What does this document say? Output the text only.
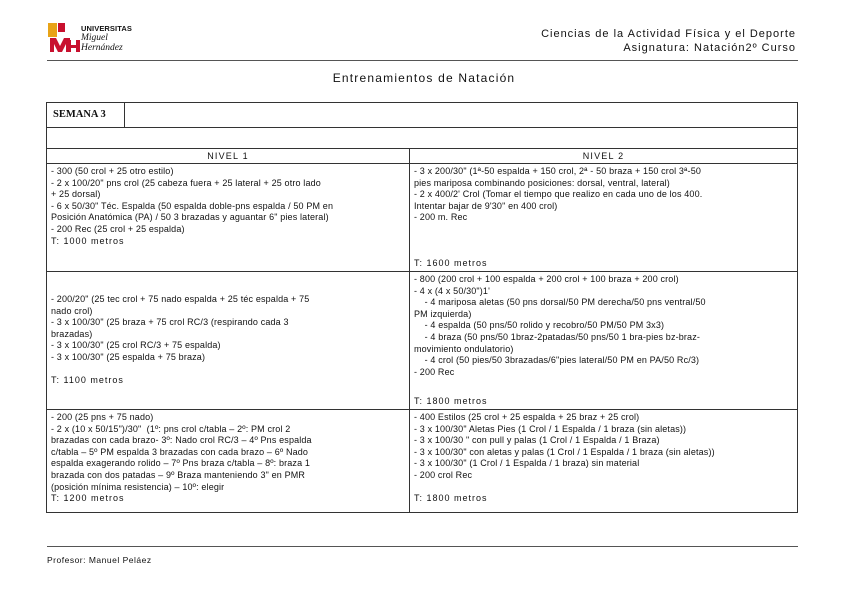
UNIVERSITAS
Miguel
Hernández
Ciencias de la Actividad Física y el Deporte
Asignatura: Natación2º Curso
Entrenamientos de Natación
SEMANA 3
NIVEL 1	NIVEL 2
- 300 (50 crol + 25 otro estilo)
- 2 x 100/20" pns crol (25 cabeza fuera + 25 lateral + 25 otro lado
+ 25 dorsal)
- 6 x 50/30" Téc. Espalda (50 espalda doble-pns espalda / 50 PM en
Posición Anatómica (PA) / 50 3 brazadas y aguantar 6" pies lateral)
- 200 Rec (25 crol + 25 espalda)
T: 1000 metros
- 3 x 200/30" (1ª-50 espalda + 150 crol, 2ª - 50 braza + 150 crol 3ª-50
pies mariposa combinando posiciones: dorsal, ventral, lateral)
- 2 x 400/2' Crol (Tomar el tiempo que realizo en cada uno de los 400.
Intentar bajar de 9'30" en 400 crol)
- 200 m. Rec
T: 1600 metros
- 200/20" (25 tec crol + 75 nado espalda + 25 téc espalda + 75
nado crol)
- 3 x 100/30" (25 braza + 75 crol RC/3 (respirando cada 3
brazadas)
- 3 x 100/30" (25 crol RC/3 + 75 espalda)
- 3 x 100/30" (25 espalda + 75 braza)
T: 1100 metros
- 800 (200 crol + 100 espalda + 200 crol + 100 braza + 200 crol)
- 4 x (4 x 50/30")1'
- 4 mariposa aletas (50 pns dorsal/50 PM derecha/50 pns ventral/50
PM izquierda)
- 4 espalda (50 pns/50 rolido y recobro/50 PM/50 PM 3x3)
- 4 braza (50 pns/50 1braz-2patadas/50 pns/50 1 bra-pies bz-braz-
movimiento ondulatorio)
- 4 crol (50 pies/50 3brazadas/6"pies lateral/50 PM en PA/50 Rc/3)
- 200 Rec
T: 1800 metros
- 200 (25 pns + 75 nado)
- 2 x (10 x 50/15")/30"  (1º: pns crol c/tabla – 2º: PM crol 2
brazadas con cada brazo- 3º: Nado crol RC/3 – 4º Pns espalda
c/tabla – 5º PM espalda 3 brazadas con cada brazo – 6º Nado
espalda exagerando rolido – 7º Pns braza c/tabla – 8º: braza 1
brazada con dos patadas – 9º Braza manteniendo 3" en PMR
(posición mínima resistencia) – 10º: elegir
T: 1200 metros
- 400 Estilos (25 crol + 25 espalda + 25 braz + 25 crol)
- 3 x 100/30" Aletas Pies (1 Crol / 1 Espalda / 1 braza (sin aletas))
- 3 x 100/30 " con pull y palas (1 Crol / 1 Espalda / 1 Braza)
- 3 x 100/30" con aletas y palas (1 Crol / 1 Espalda / 1 braza (sin aletas))
- 3 x 100/30" (1 Crol / 1 Espalda / 1 braza) sin material
- 200 crol Rec
T: 1800 metros
Profesor: Manuel Peláez
